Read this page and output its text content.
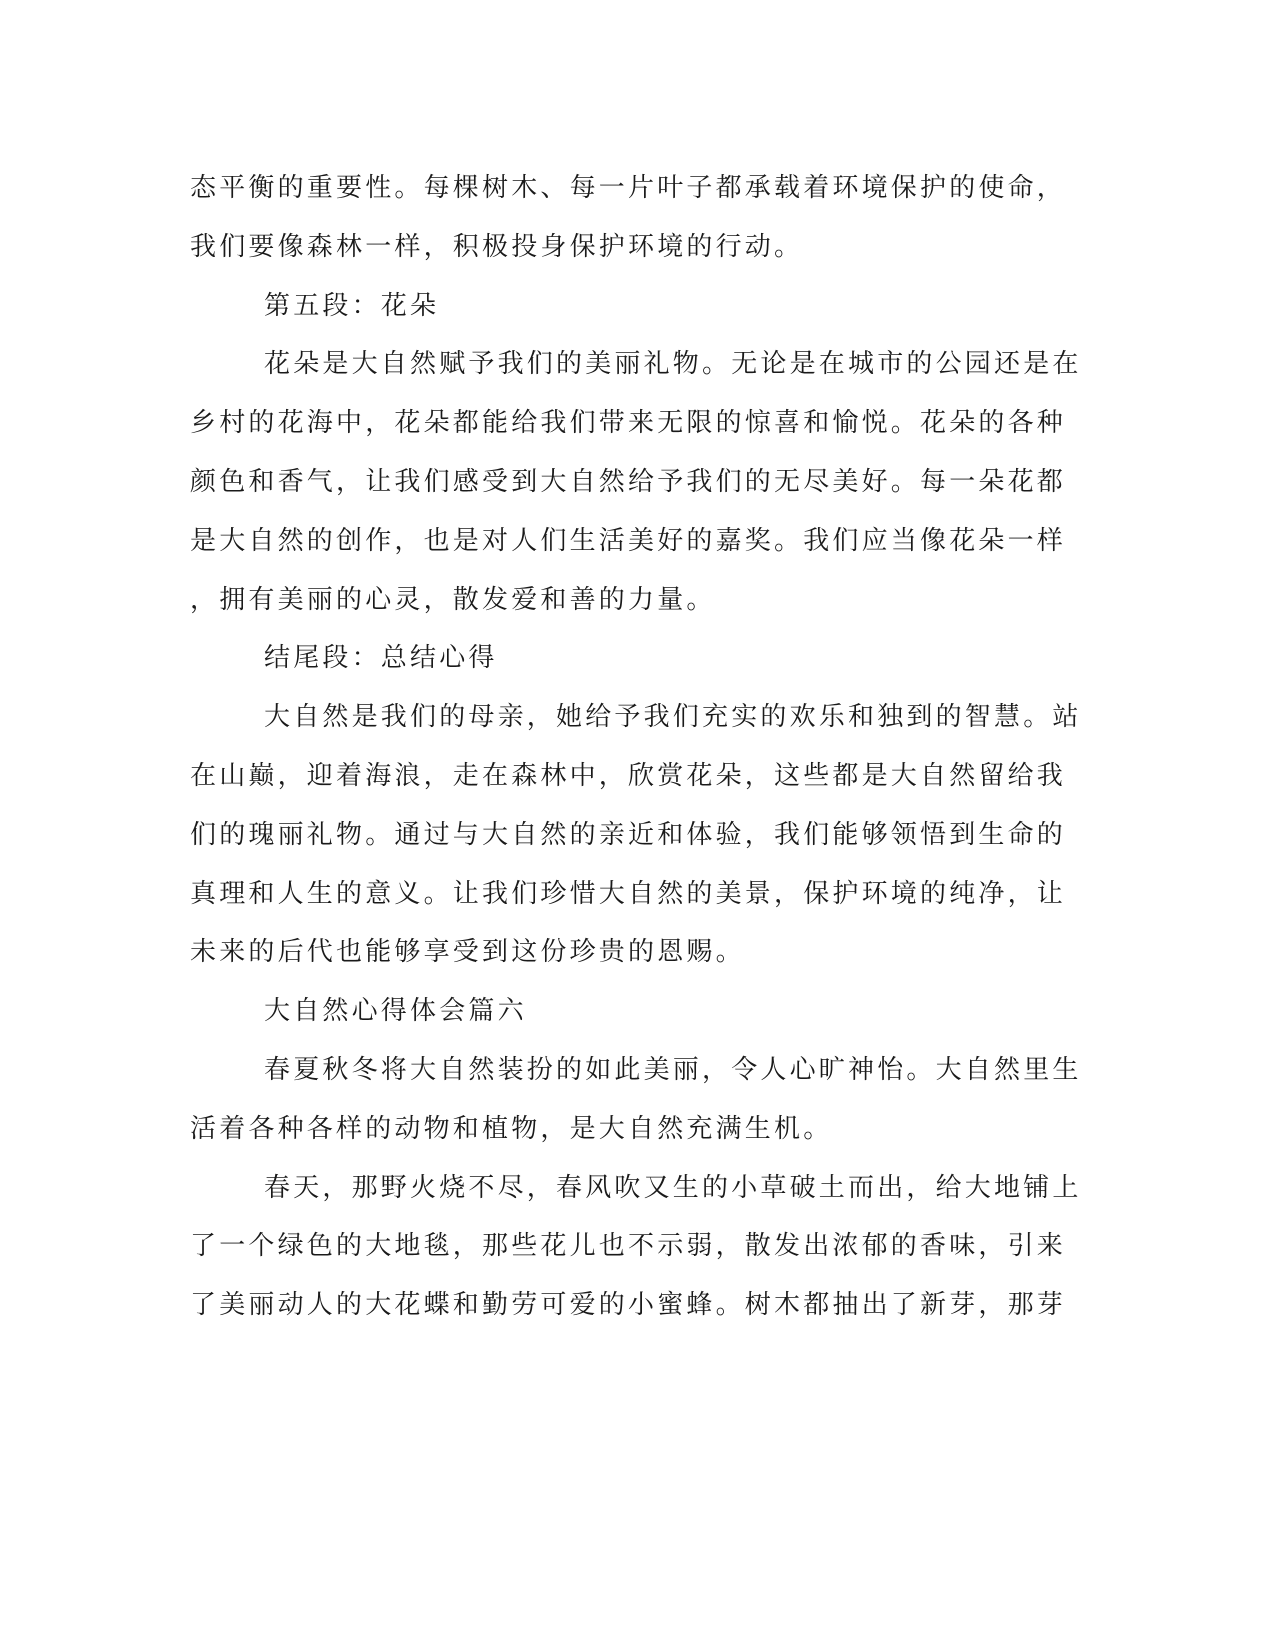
态平衡的重要性。每棵树木、每一片叶子都承载着环境保护的使命，
我们要像森林一样，积极投身保护环境的行动。
第五段：花朵
花朵是大自然赋予我们的美丽礼物。无论是在城市的公园还是在
乡村的花海中，花朵都能给我们带来无限的惊喜和愉悦。花朵的各种
颜色和香气，让我们感受到大自然给予我们的无尽美好。每一朵花都
是大自然的创作，也是对人们生活美好的嘉奖。我们应当像花朵一样
，拥有美丽的心灵，散发爱和善的力量。
结尾段：总结心得
大自然是我们的母亲，她给予我们充实的欢乐和独到的智慧。站
在山巅，迎着海浪，走在森林中，欣赏花朵，这些都是大自然留给我
们的瑰丽礼物。通过与大自然的亲近和体验，我们能够领悟到生命的
真理和人生的意义。让我们珍惜大自然的美景，保护环境的纯净，让
未来的后代也能够享受到这份珍贵的恩赐。
大自然心得体会篇六
春夏秋冬将大自然装扮的如此美丽，令人心旷神怡。大自然里生
活着各种各样的动物和植物，是大自然充满生机。
春天，那野火烧不尽，春风吹又生的小草破土而出，给大地铺上
了一个绿色的大地毯，那些花儿也不示弱，散发出浓郁的香味，引来
了美丽动人的大花蝶和勤劳可爱的小蜜蜂。树木都抽出了新芽，那芽
